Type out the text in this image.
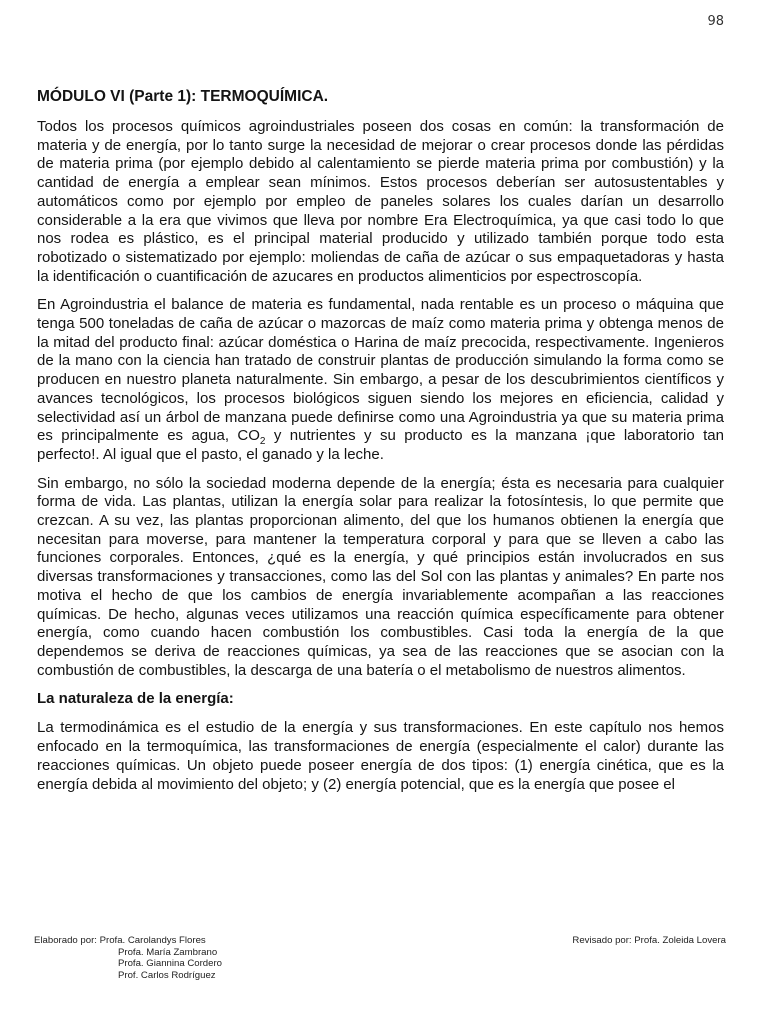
98
MÓDULO VI (Parte 1): TERMOQUÍMICA.

Todos los procesos químicos agroindustriales poseen dos cosas en común: la transformación de materia y de energía, por lo tanto surge la necesidad de mejorar o crear procesos donde las pérdidas de materia prima (por ejemplo debido al calentamiento se pierde materia prima por combustión) y la cantidad de energía a emplear sean mínimos. Estos procesos deberían ser autosustentables y automáticos como por ejemplo por empleo de paneles solares los cuales darían un desarrollo considerable a la era que vivimos que lleva por nombre Era Electroquímica, ya que casi todo lo que nos rodea es plástico, es el principal material producido y utilizado también porque todo esta robotizado o sistematizado por ejemplo: moliendas de caña de azúcar o sus empaquetadoras y hasta la identificación o cuantificación de azucares en productos alimenticios por espectroscopía.

En Agroindustria el balance de materia es fundamental, nada rentable es un proceso o máquina que tenga 500 toneladas de caña de azúcar o mazorcas de maíz como materia prima y obtenga menos de la mitad del producto final: azúcar doméstica o Harina de maíz precocida, respectivamente. Ingenieros de la mano con la ciencia han tratado de construir plantas de producción simulando la forma como se producen en nuestro planeta naturalmente. Sin embargo, a pesar de los descubrimientos científicos y avances tecnológicos, los procesos biológicos siguen siendo los mejores en eficiencia, calidad y selectividad así un árbol de manzana puede definirse como una Agroindustria ya que su materia prima es principalmente es agua, $CO_2$ y nutrientes y su producto es la manzana ¡que laboratorio tan perfecto!. Al igual que el pasto, el ganado y la leche.

Sin embargo, no sólo la sociedad moderna depende de la energía; ésta es necesaria para cualquier forma de vida. Las plantas, utilizan la energía solar para realizar la fotosíntesis, lo que permite que crezcan. A su vez, las plantas proporcionan alimento, del que los humanos obtienen la energía que necesitan para moverse, para mantener la temperatura corporal y para que se lleven a cabo las funciones corporales. Entonces, ¿qué es la energía, y qué principios están involucrados en sus diversas transformaciones y transacciones, como las del Sol con las plantas y animales? En parte nos motiva el hecho de que los cambios de energía invariablemente acompañan a las reacciones químicas. De hecho, algunas veces utilizamos una reacción química específicamente para obtener energía, como cuando hacen combustión los combustibles. Casi toda la energía de la que dependemos se deriva de reacciones químicas, ya sea de las reacciones que se asocian con la combustión de combustibles, la descarga de una batería o el metabolismo de nuestros alimentos.

La naturaleza de la energía:

La termodinámica es el estudio de la energía y sus transformaciones. En este capítulo nos hemos enfocado en la termoquímica, las transformaciones de energía (especialmente el calor) durante las reacciones químicas. Un objeto puede poseer energía de dos tipos: (1) energía cinética, que es la energía debida al movimiento del objeto; y (2) energía potencial, que es la energía que posee el

Elaborado por: Profa. Carolandys Flores
Profa. María Zambrano
Profa. Giannina Cordero
Prof. Carlos Rodríguez
Revisado por: Profa. Zoleida Lovera
